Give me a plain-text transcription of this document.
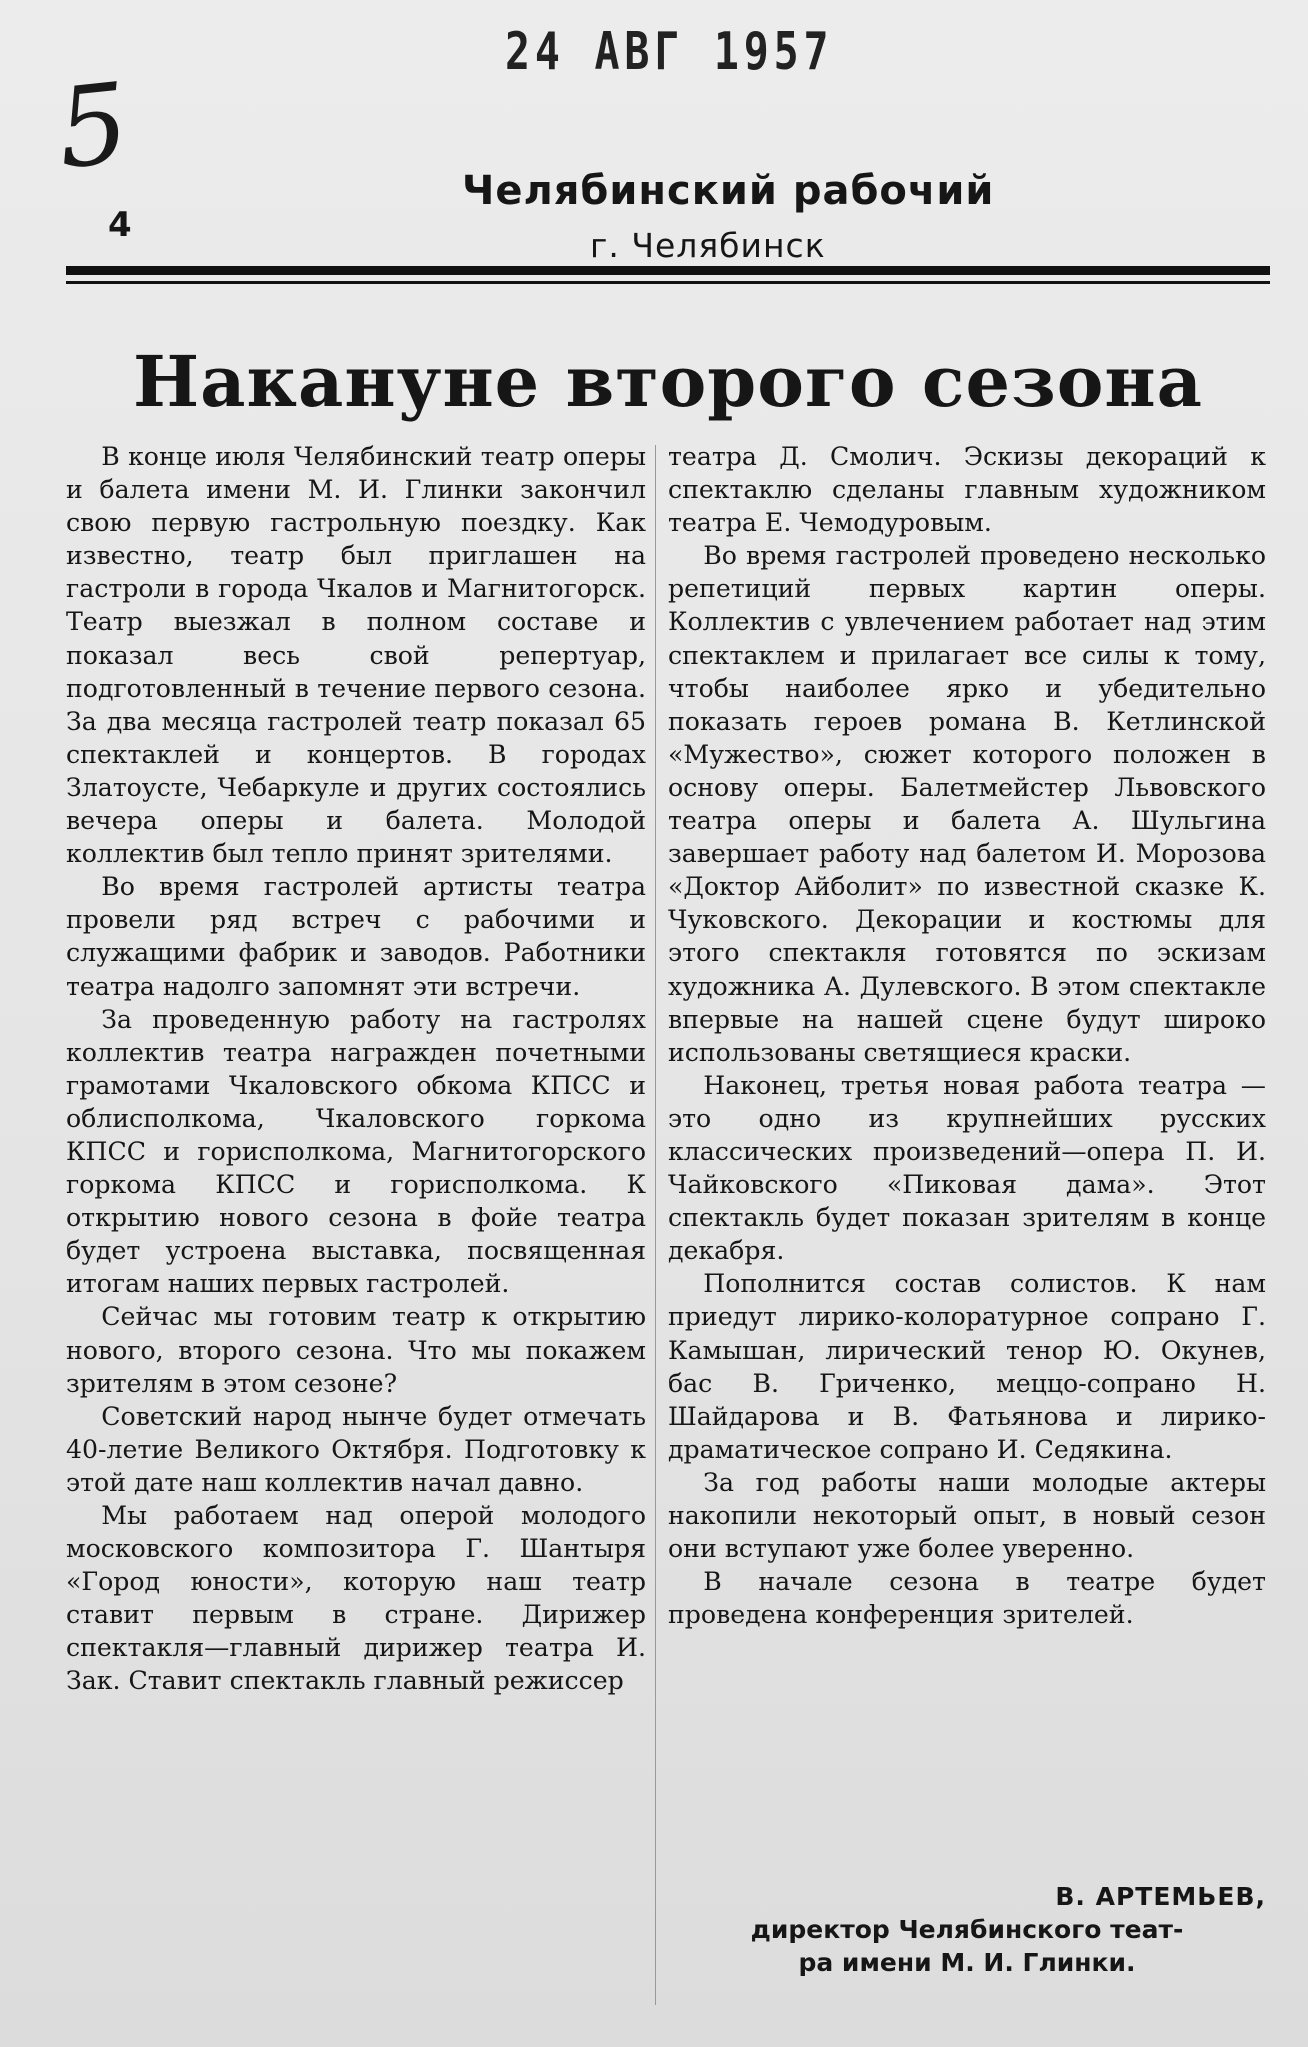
24 АВГ 1957
5
4
Челябинский рабочий
г. Челябинск
Накануне второго сезона

В конце июля Челябинский театр оперы и балета имени М. И. Глинки закончил свою первую гастрольную поездку. Как известно, театр был приглашен на гастроли в города Чкалов и Магнитогорск. Театр выезжал в полном составе и показал весь свой репертуар, подготовленный в течение первого сезона. За два месяца гастролей театр показал 65 спектаклей и концертов. В городах Златоусте, Чебаркуле и других состоялись вечера оперы и балета. Молодой коллектив был тепло принят зрителями.

Во время гастролей артисты театра провели ряд встреч с рабочими и служащими фабрик и заводов. Работники театра надолго запомнят эти встречи.

За проведенную работу на гастролях коллектив театра награжден почетными грамотами Чкаловского обкома КПСС и облисполкома, Чкаловского горкома КПСС и горисполкома, Магнитогорского горкома КПСС и горисполкома. К открытию нового сезона в фойе театра будет устроена выставка, посвященная итогам наших первых гастролей.

Сейчас мы готовим театр к открытию нового, второго сезона. Что мы покажем зрителям в этом сезоне?

Советский народ нынче будет отмечать 40-летие Великого Октября. Подготовку к этой дате наш коллектив начал давно.

Мы работаем над оперой молодого московского композитора Г. Шантыря «Город юности», которую наш театр ставит первым в стране. Дирижер спектакля—главный дирижер театра И. Зак. Ставит спектакль главный режиссер

театра Д. Смолич. Эскизы декораций к спектаклю сделаны главным художником театра Е. Чемодуровым.

Во время гастролей проведено несколько репетиций первых картин оперы. Коллектив с увлечением работает над этим спектаклем и прилагает все силы к тому, чтобы наиболее ярко и убедительно показать героев романа В. Кетлинской «Мужество», сюжет которого положен в основу оперы. Балетмейстер Львовского театра оперы и балета А. Шульгина завершает работу над балетом И. Морозова «Доктор Айболит» по известной сказке К. Чуковского. Декорации и костюмы для этого спектакля готовятся по эскизам художника А. Дулевского. В этом спектакле впервые на нашей сцене будут широко использованы светящиеся краски.

Наконец, третья новая работа театра — это одно из крупнейших русских классических произведений—опера П. И. Чайковского «Пиковая дама». Этот спектакль будет показан зрителям в конце декабря.

Пополнится состав солистов. К нам приедут лирико-колоратурное сопрано Г. Камышан, лирический тенор Ю. Окунев, бас В. Гриченко, меццо-сопрано Н. Шайдарова и В. Фатьянова и лирико-драматическое сопрано И. Седякина.

За год работы наши молодые актеры накопили некоторый опыт, в новый сезон они вступают уже более уверенно.

В начале сезона в театре будет проведена конференция зрителей.

В. АРТЕМЬЕВ,
директор Челябинского теат-
ра имени М. И. Глинки.
